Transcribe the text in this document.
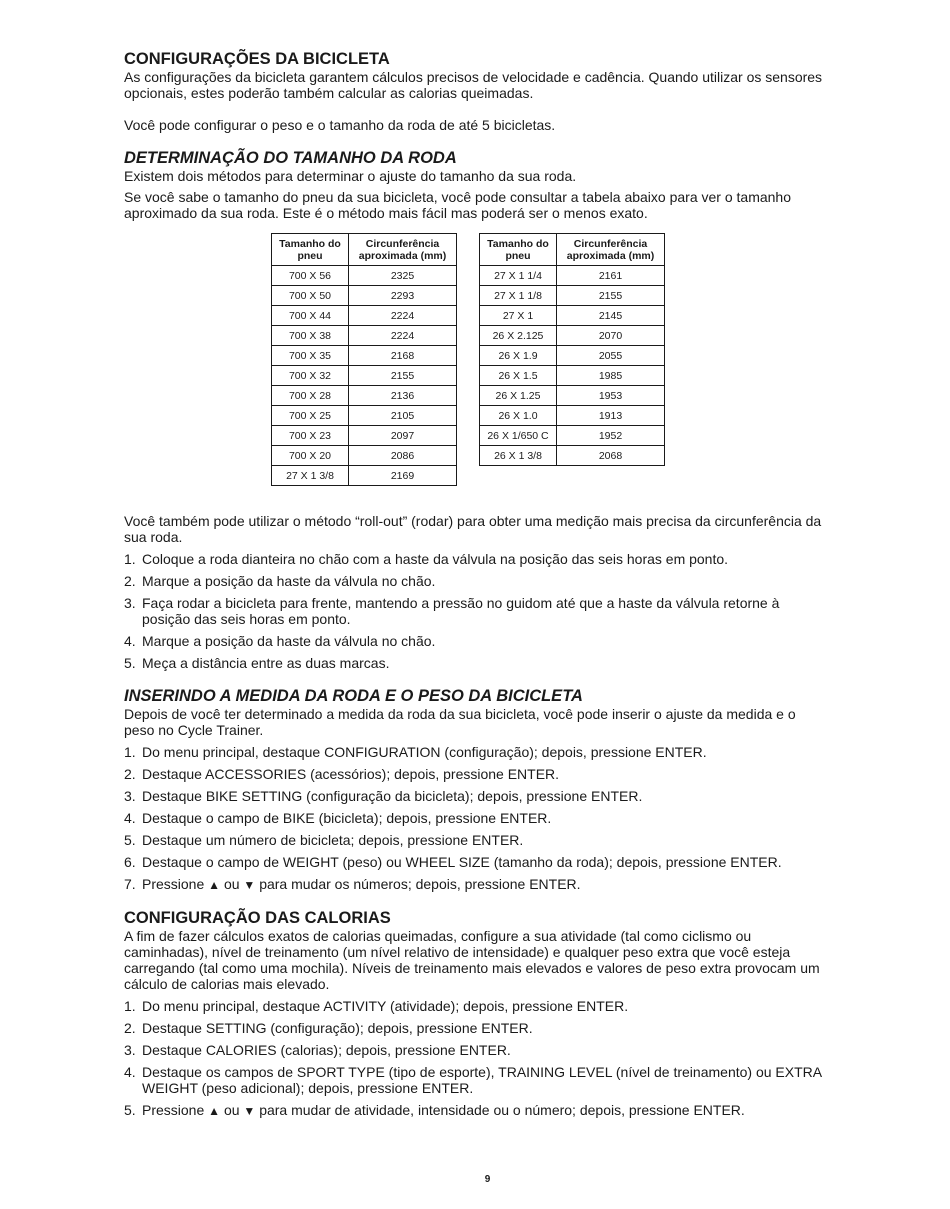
CONFIGURAÇÕES DA BICICLETA

As configurações da bicicleta garantem cálculos precisos de velocidade e cadência. Quando utilizar os sensores opcionais, estes poderão também calcular as calorias queimadas.

Você pode configurar o peso e o tamanho da roda de até 5 bicicletas.

DETERMINAÇÃO DO TAMANHO DA RODA

Existem dois métodos para determinar o ajuste do tamanho da sua roda.

Se você sabe o tamanho do pneu da sua bicicleta, você pode consultar a tabela abaixo para ver o tamanho aproximado da sua roda. Este é o método mais fácil mas poderá ser o menos exato.

Tamanho do pneu	Circunferência aproximada (mm)
700 X 56	2325
700 X 50	2293
700 X 44	2224
700 X 38	2224
700 X 35	2168
700 X 32	2155
700 X 28	2136
700 X 25	2105
700 X 23	2097
700 X 20	2086
27 X 1 3/8	2169
Tamanho do pneu	Circunferência aproximada (mm)
27 X 1 1/4	2161
27 X 1 1/8	2155
27 X 1	2145
26 X 2.125	2070
26 X 1.9	2055
26 X 1.5	1985
26 X 1.25	1953
26 X 1.0	1913
26 X 1/650 C	1952
26 X 1 3/8	2068

Você também pode utilizar o método “roll-out” (rodar) para obter uma medição mais precisa da circunferência da sua roda.

1. Coloque a roda dianteira no chão com a haste da válvula na posição das seis horas em ponto.
2. Marque a posição da haste da válvula no chão.
3. Faça rodar a bicicleta para frente, mantendo a pressão no guidom até que a haste da válvula retorne à posição das seis horas em ponto.
4. Marque a posição da haste da válvula no chão.
5. Meça a distância entre as duas marcas.
INSERINDO A MEDIDA DA RODA E O PESO DA BICICLETA

Depois de você ter determinado a medida da roda da sua bicicleta, você pode inserir o ajuste da medida e o peso no Cycle Trainer.

1. Do menu principal, destaque CONFIGURATION (configuração); depois, pressione ENTER.
2. Destaque ACCESSORIES (acessórios); depois, pressione ENTER.
3. Destaque BIKE SETTING (configuração da bicicleta); depois, pressione ENTER.
4. Destaque o campo de BIKE (bicicleta); depois, pressione ENTER.
5. Destaque um número de bicicleta; depois, pressione ENTER.
6. Destaque o campo de WEIGHT (peso) ou WHEEL SIZE (tamanho da roda); depois, pressione ENTER.
7. Pressione ▲ ou ▼ para mudar os números; depois, pressione ENTER.
CONFIGURAÇÃO DAS CALORIAS

A fim de fazer cálculos exatos de calorias queimadas, configure a sua atividade (tal como ciclismo ou caminhadas), nível de treinamento (um nível relativo de intensidade) e qualquer peso extra que você esteja carregando (tal como uma mochila). Níveis de treinamento mais elevados e valores de peso extra provocam um cálculo de calorias mais elevado.

1. Do menu principal, destaque ACTIVITY (atividade); depois, pressione ENTER.
2. Destaque SETTING (configuração); depois, pressione ENTER.
3. Destaque CALORIES (calorias); depois, pressione ENTER.
4. Destaque os campos de SPORT TYPE (tipo de esporte), TRAINING LEVEL (nível de treinamento) ou EXTRA WEIGHT (peso adicional); depois, pressione ENTER.
5. Pressione ▲ ou ▼ para mudar de atividade, intensidade ou o número; depois, pressione ENTER.
9
